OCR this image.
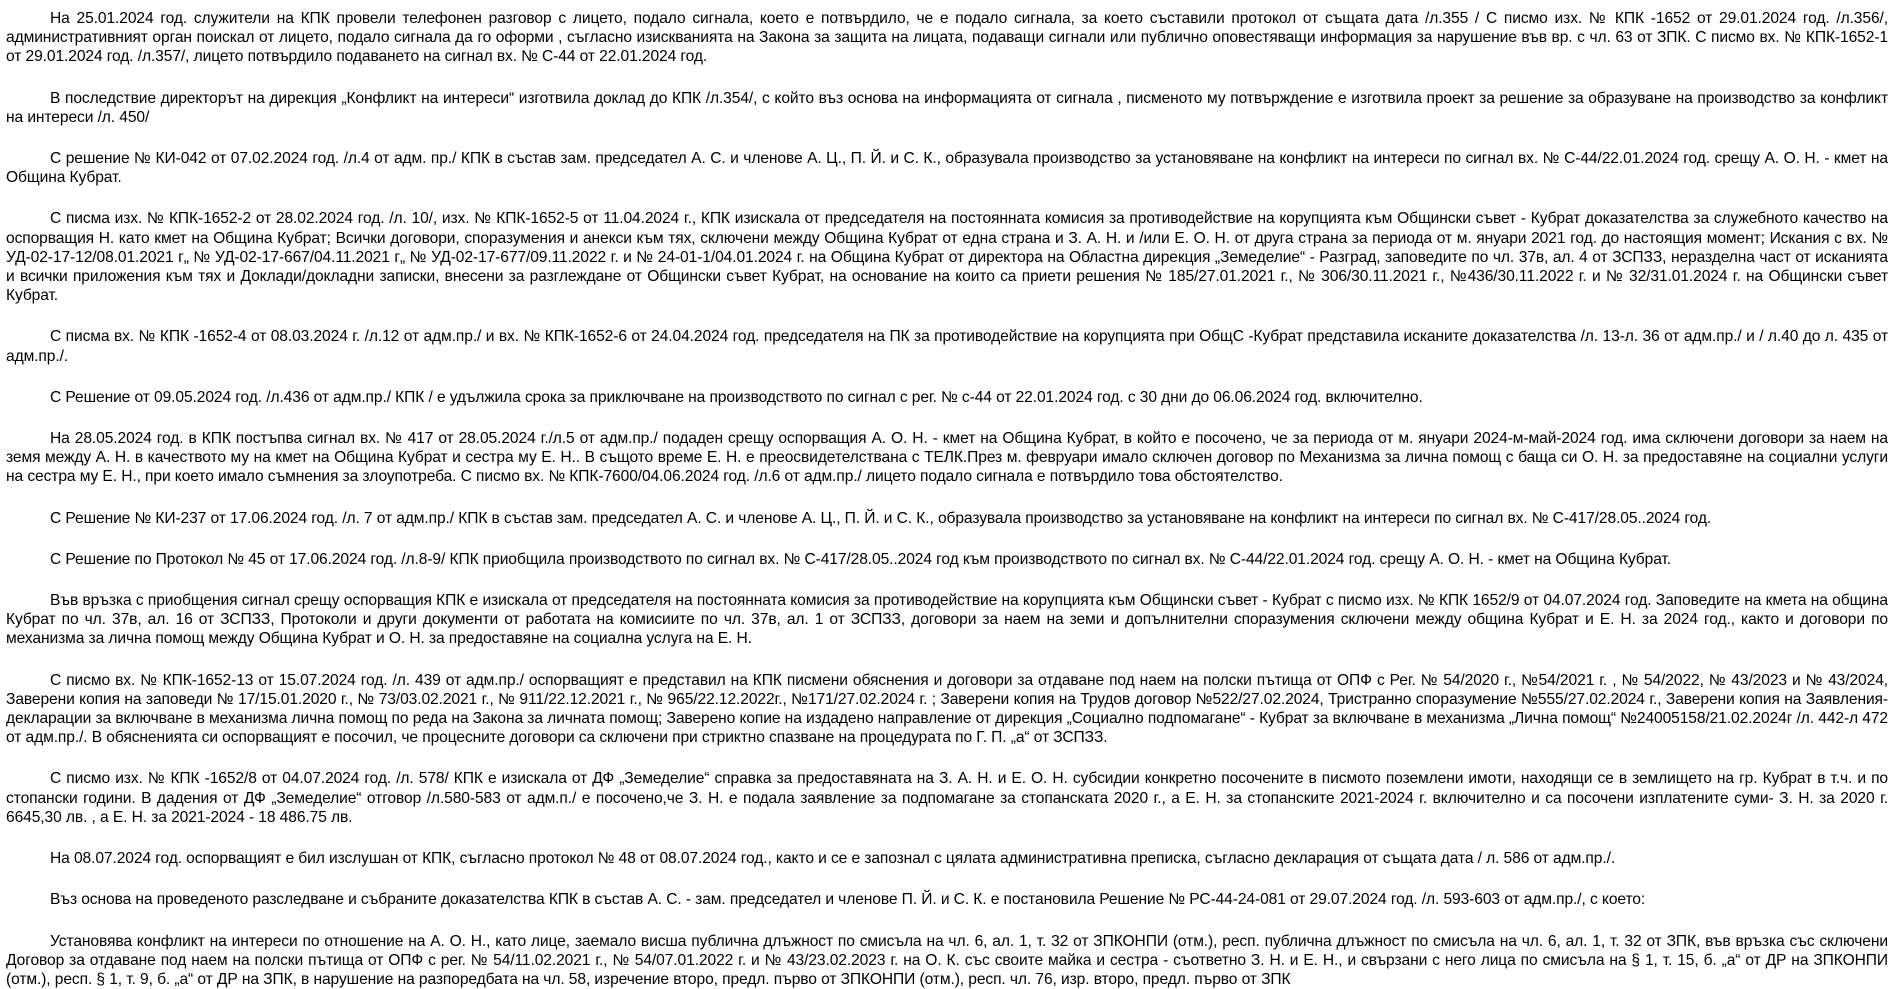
На 25.01.2024 год. служители на КПК провели телефонен разговор с лицето, подало сигнала, което е потвърдило, че е подало сигнала, за което съставили протокол от същата дата /л.355 / С писмо изх. № КПК -1652 от 29.01.2024 год. /л.356/, административният орган поискал от лицето, подало сигнала да го оформи , съгласно изискванията на Закона за защита на лицата, подаващи сигнали или публично оповестяващи информация за нарушение във вр. с чл. 63 от ЗПК. С писмо вх. № КПК-1652-1 от 29.01.2024 год. /л.357/, лицето потвърдило подаването на сигнал вх. № С-44 от 22.01.2024 год.

В последствие директорът на дирекция „Конфликт на интереси“ изготвила доклад до КПК /л.354/, с който въз основа на информацията от сигнала , писменото му потвърждение е изготвила проект за решение за образуване на производство за конфликт на интереси /л. 450/

С решение № КИ-042 от 07.02.2024 год. /л.4 от адм. пр./ КПК в състав зам. председател А. С. и членове А. Ц., П. Й. и С. К., образувала производство за установяване на конфликт на интереси по сигнал вх. № С-44/22.01.2024 год. срещу А. О. Н. - кмет на Община Кубрат.

С писма изх. № КПК-1652-2 от 28.02.2024 год. /л. 10/, изх. № КПК-1652-5 от 11.04.2024 г., КПК изискала от председателя на постоянната комисия за противодействие на корупцията към Общински съвет - Кубрат доказателства за служебното качество на оспорващия Н. като кмет на Община Кубрат; Всички договори, споразумения и анекси към тях, сключени между Община Кубрат от една страна и З. А. Н. и /или Е. О. Н. от друга страна за периода от м. януари 2021 год. до настоящия момент; Искания с вх. № УД-02-17-12/08.01.2021 г„ № УД-02-17-667/04.11.2021 г„ № УД-02-17-677/09.11.2022 г. и № 24-01-1/04.01.2024 г. на Община Кубрат от директора на Областна дирекция „Земеделие“ - Разград, заповедите по чл. 37в, ал. 4 от ЗСПЗЗ, неразделна част от исканията и всички приложения към тях и Доклади/докладни записки, внесени за разглеждане от Общински съвет Кубрат, на основание на които са приети решения № 185/27.01.2021 г., № 306/30.11.2021 г., №436/30.11.2022 г. и № 32/31.01.2024 г. на Общински съвет Кубрат.

С писма вх. № КПК -1652-4 от 08.03.2024 г. /л.12 от адм.пр./ и вх. № КПК-1652-6 от 24.04.2024 год. председателя на ПК за противодействие на корупцията при ОбщС -Кубрат представила исканите доказателства /л. 13-л. 36 от адм.пр./ и / л.40 до л. 435 от адм.пр./.

С Решение от 09.05.2024 год. /л.436 от адм.пр./ КПК / е удължила срока за приключване на производството по сигнал с рег. № с-44 от 22.01.2024 год. с 30 дни до 06.06.2024 год. включително.

На 28.05.2024 год. в КПК постъпва сигнал вх. № 417 от 28.05.2024 г./л.5 от адм.пр./ подаден срещу оспорващия А. О. Н. - кмет на Община Кубрат, в който е посочено, че за периода от м. януари 2024-м-май-2024 год. има сключени договори за наем на земя между А. Н. в качеството му на кмет на Община Кубрат и сестра му Е. Н.. В същото време Е. Н. е преосвидетелствана с ТЕЛК.През м. февруари имало сключен договор по Механизма за лична помощ с баща си О. Н. за предоставяне на социални услуги на сестра му Е. Н., при което имало съмнения за злоупотреба. С писмо вх. № КПК-7600/04.06.2024 год. /л.6 от адм.пр./ лицето подало сигнала е потвърдило това обстоятелство.

С Решение № КИ-237 от 17.06.2024 год. /л. 7 от адм.пр./ КПК в състав зам. председател А. С. и членове А. Ц., П. Й. и С. К., образувала производство за установяване на конфликт на интереси по сигнал вх. № С-417/28.05..2024 год.

С Решение по Протокол № 45 от 17.06.2024 год. /л.8-9/ КПК приобщила производството по сигнал вх. № С-417/28.05..2024 год към производството по сигнал вх. № С-44/22.01.2024 год. срещу А. О. Н. - кмет на Община Кубрат.

Във връзка с приобщения сигнал срещу оспорващия КПК е изискала от председателя на постоянната комисия за противодействие на корупцията към Общински съвет - Кубрат с писмо изх. № КПК 1652/9 от 04.07.2024 год. Заповедите на кмета на община Кубрат по чл. 37в, ал. 16 от ЗСПЗЗ, Протоколи и други документи от работата на комисиите по чл. 37в, ал. 1 от ЗСПЗЗ, договори за наем на земи и допълнителни споразумения сключени между община Кубрат и Е. Н. за 2024 год., както и договори по механизма за лична помощ между Община Кубрат и О. Н. за предоставяне на социална услуга на Е. Н.

С писмо вх. № КПК-1652-13 от 15.07.2024 год. /л. 439 от адм.пр./ оспорващият е представил на КПК писмени обяснения и договори за отдаване под наем на полски пътища от ОПФ с Рег. № 54/2020 г., №54/2021 г. , № 54/2022, № 43/2023 и № 43/2024, Заверени копия на заповеди № 17/15.01.2020 г., № 73/03.02.2021 г., № 911/22.12.2021 г., № 965/22.12.2022г., №171/27.02.2024 г. ; Заверени копия на Трудов договор №522/27.02.2024, Тристранно споразумение №555/27.02.2024 г., Заверени копия на Заявления-декларации за включване в механизма лична помощ по реда на Закона за личната помощ; Заверено копие на издадено направление от дирекция „Социално подпомагане“ - Кубрат за включване в механизма „Лична помощ“ №24005158/21.02.2024г /л. 442-л 472 от адм.пр./. В обясненията си оспорващият е посочил, че процесните договори са сключени при стриктно спазване на процедурата по Г. П. „а“ от ЗСПЗЗ.

С писмо изх. № КПК -1652/8 от 04.07.2024 год. /л. 578/ КПК е изискала от ДФ „Земеделие“ справка за предоставяната на З. А. Н. и Е. О. Н. субсидии конкретно посочените в писмото поземлени имоти, находящи се в землището на гр. Кубрат в т.ч. и по стопански години. В дадения от ДФ „Земеделие“ отговор /л.580-583 от адм.п./ е посочено,че З. Н. е подала заявление за подпомагане за стопанската 2020 г., а Е. Н. за стопанските 2021-2024 г. включително и са посочени изплатените суми- З. Н. за 2020 г. 6645,30 лв. , а Е. Н. за 2021-2024 - 18 486.75 лв.

На 08.07.2024 год. оспорващият е бил изслушан от КПК, съгласно протокол № 48 от 08.07.2024 год., както и се е запознал с цялата административна преписка, съгласно декларация от същата дата / л. 586 от адм.пр./.

Въз основа на проведеното разследване и събраните доказателства КПК в състав А. С. - зам. председател и членове П. Й. и С. К. е постановила Решение № РС-44-24-081 от 29.07.2024 год. /л. 593-603 от адм.пр./, с което:

Установява конфликт на интереси по отношение на А. О. Н., като лице, заемало висша публична длъжност по смисъла на чл. 6, ал. 1, т. 32 от ЗПКОНПИ (отм.), респ. публична длъжност по смисъла на чл. 6, ал. 1, т. 32 от ЗПК, във връзка със сключени Договор за отдаване под наем на полски пътища от ОПФ с рег. № 54/11.02.2021 г., № 54/07.01.2022 г. и № 43/23.02.2023 г. на О. К. със своите майка и сестра - съответно З. Н. и Е. Н., и свързани с него лица по смисъла на § 1, т. 15, б. „а“ от ДР на ЗПКОНПИ (отм.), респ. § 1, т. 9, б. „а“ от ДР на ЗПК, в нарушение на разпоредбата на чл. 58, изречение второ, предл. първо от ЗПКОНПИ (отм.), респ. чл. 76, изр. второ, предл. първо от ЗПК
